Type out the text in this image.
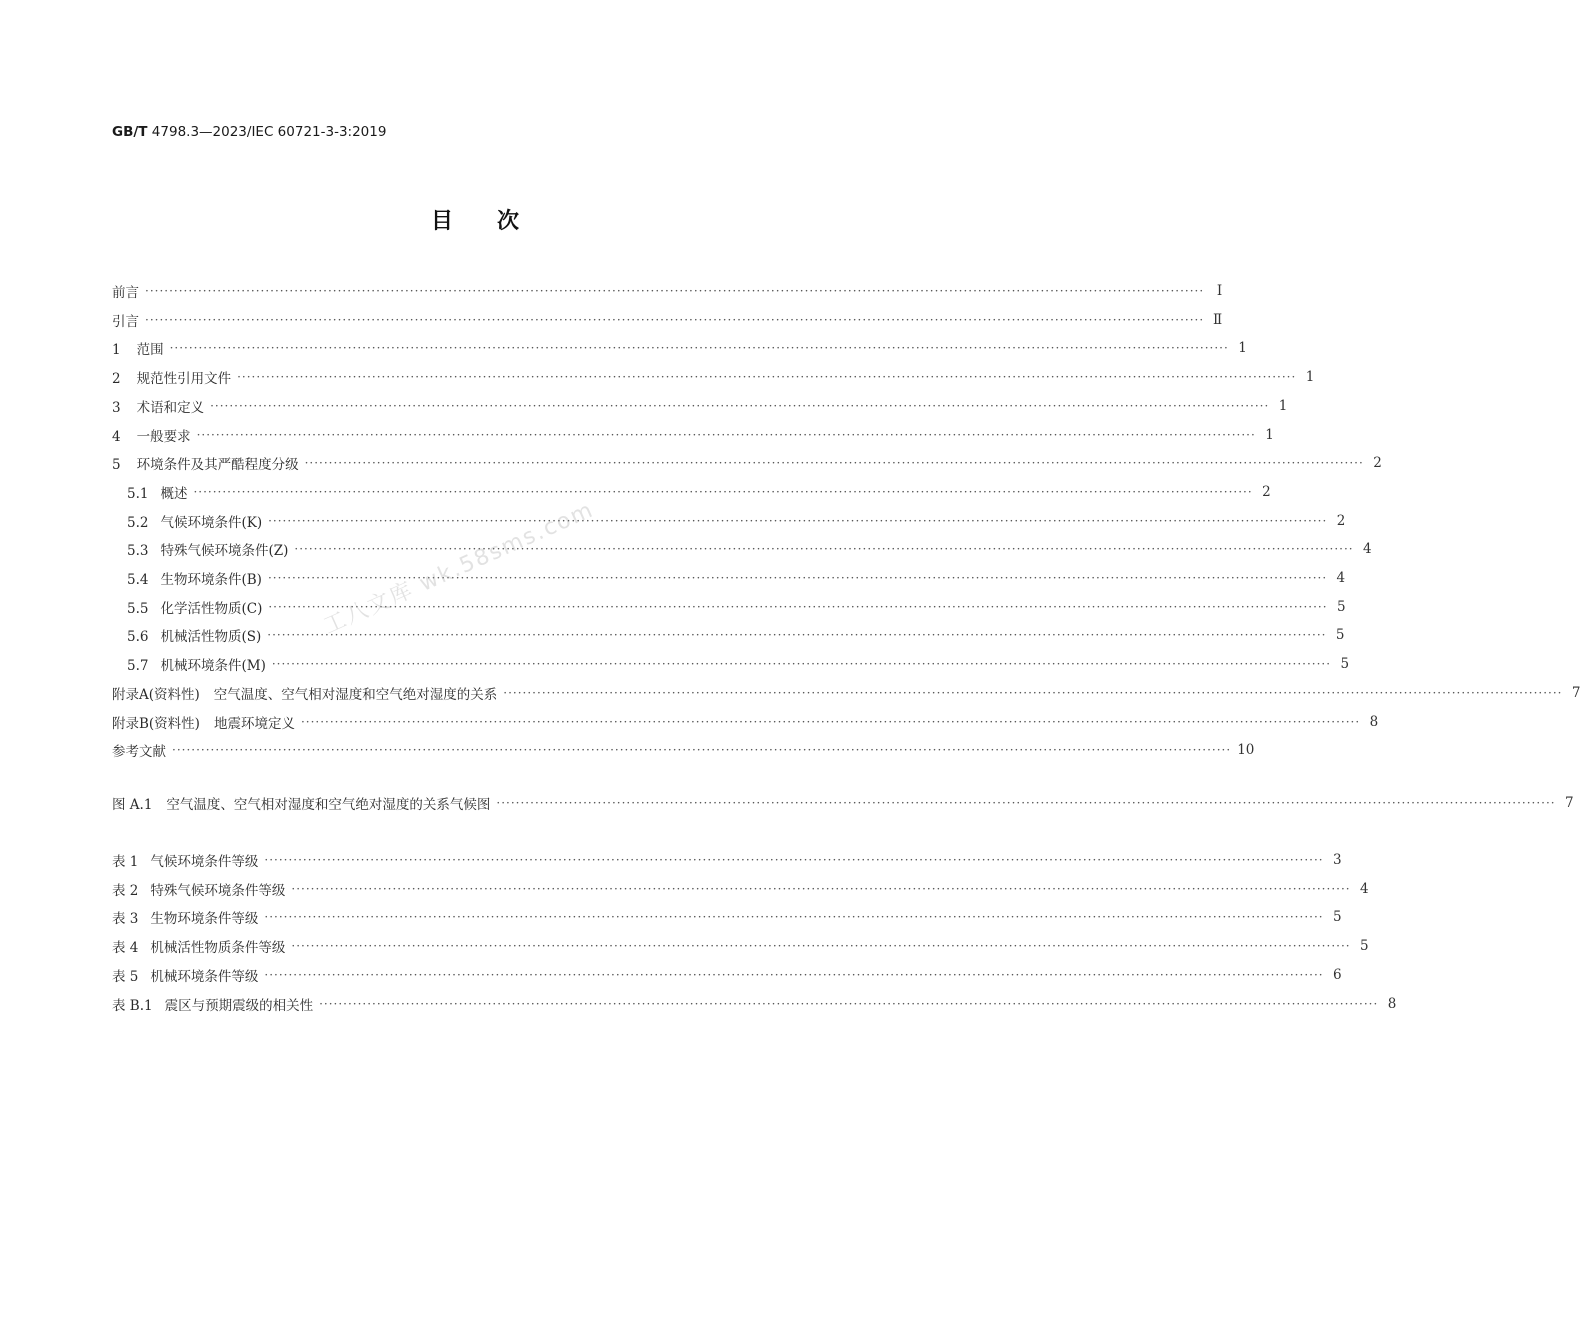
GB/T 4798.3—2023/IEC 60721-3-3:2019
目次
前言 ···························································································································································································································· Ⅰ
引言 ···························································································································································································································· Ⅱ
1 范围 ···························································································································································································································· 1
2 规范性引用文件 ···························································································································································································································· 1
3 术语和定义 ···························································································································································································································· 1
4 一般要求 ···························································································································································································································· 1
5 环境条件及其严酷程度分级 ···························································································································································································································· 2
5.1 概述 ···························································································································································································································· 2
5.2 气候环境条件(K) ···························································································································································································································· 2
5.3 特殊气候环境条件(Z) ···························································································································································································································· 4
5.4 生物环境条件(B) ···························································································································································································································· 4
5.5 化学活性物质(C) ···························································································································································································································· 5
5.6 机械活性物质(S) ···························································································································································································································· 5
5.7 机械环境条件(M) ···························································································································································································································· 5
附录A(资料性) 空气温度、空气相对湿度和空气绝对湿度的关系 ···························································································································································································································· 7
附录B(资料性) 地震环境定义 ···························································································································································································································· 8
参考文献 ···························································································································································································································· 10
图 A.1 空气温度、空气相对湿度和空气绝对湿度的关系气候图 ···························································································································································································································· 7
表 1 气候环境条件等级 ···························································································································································································································· 3
表 2 特殊气候环境条件等级 ···························································································································································································································· 4
表 3 生物环境条件等级 ···························································································································································································································· 5
表 4 机械活性物质条件等级 ···························································································································································································································· 5
表 5 机械环境条件等级 ···························································································································································································································· 6
表 B.1 震区与预期震级的相关性 ···························································································································································································································· 8
工八文库 wk.58sms.com
